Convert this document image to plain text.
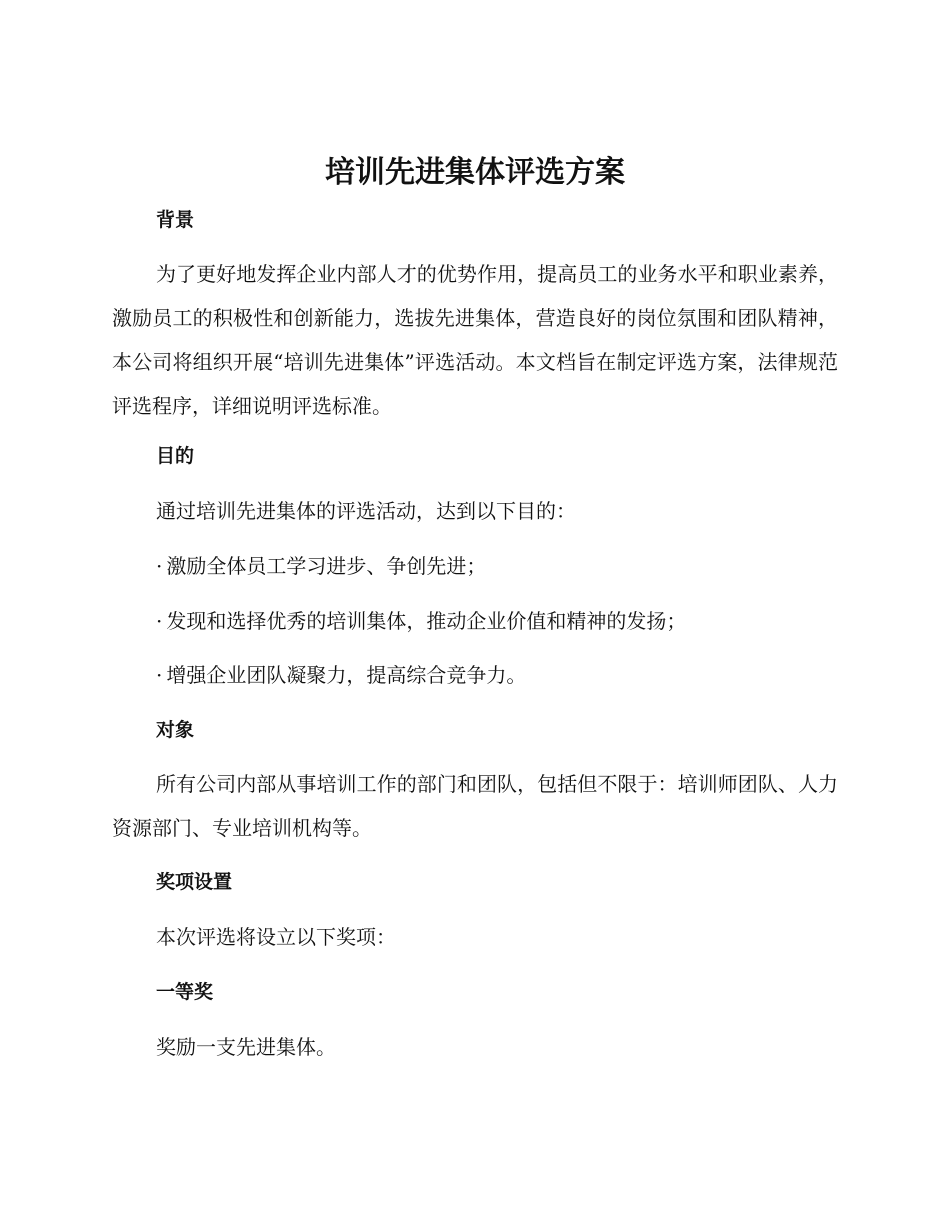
培训先进集体评选方案
背景

为了更好地发挥企业内部人才的优势作用，提高员工的业务水平和职业素养，激励员工的积极性和创新能力，选拔先进集体，营造良好的岗位氛围和团队精神，本公司将组织开展“培训先进集体”评选活动。本文档旨在制定评选方案，法律规范评选程序，详细说明评选标准。

目的

通过培训先进集体的评选活动，达到以下目的：

· 激励全体员工学习进步、争创先进；

· 发现和选择优秀的培训集体，推动企业价值和精神的发扬；

· 增强企业团队凝聚力，提高综合竞争力。

对象

所有公司内部从事培训工作的部门和团队，包括但不限于：培训师团队、人力资源部门、专业培训机构等。

奖项设置

本次评选将设立以下奖项：

一等奖

奖励一支先进集体。
